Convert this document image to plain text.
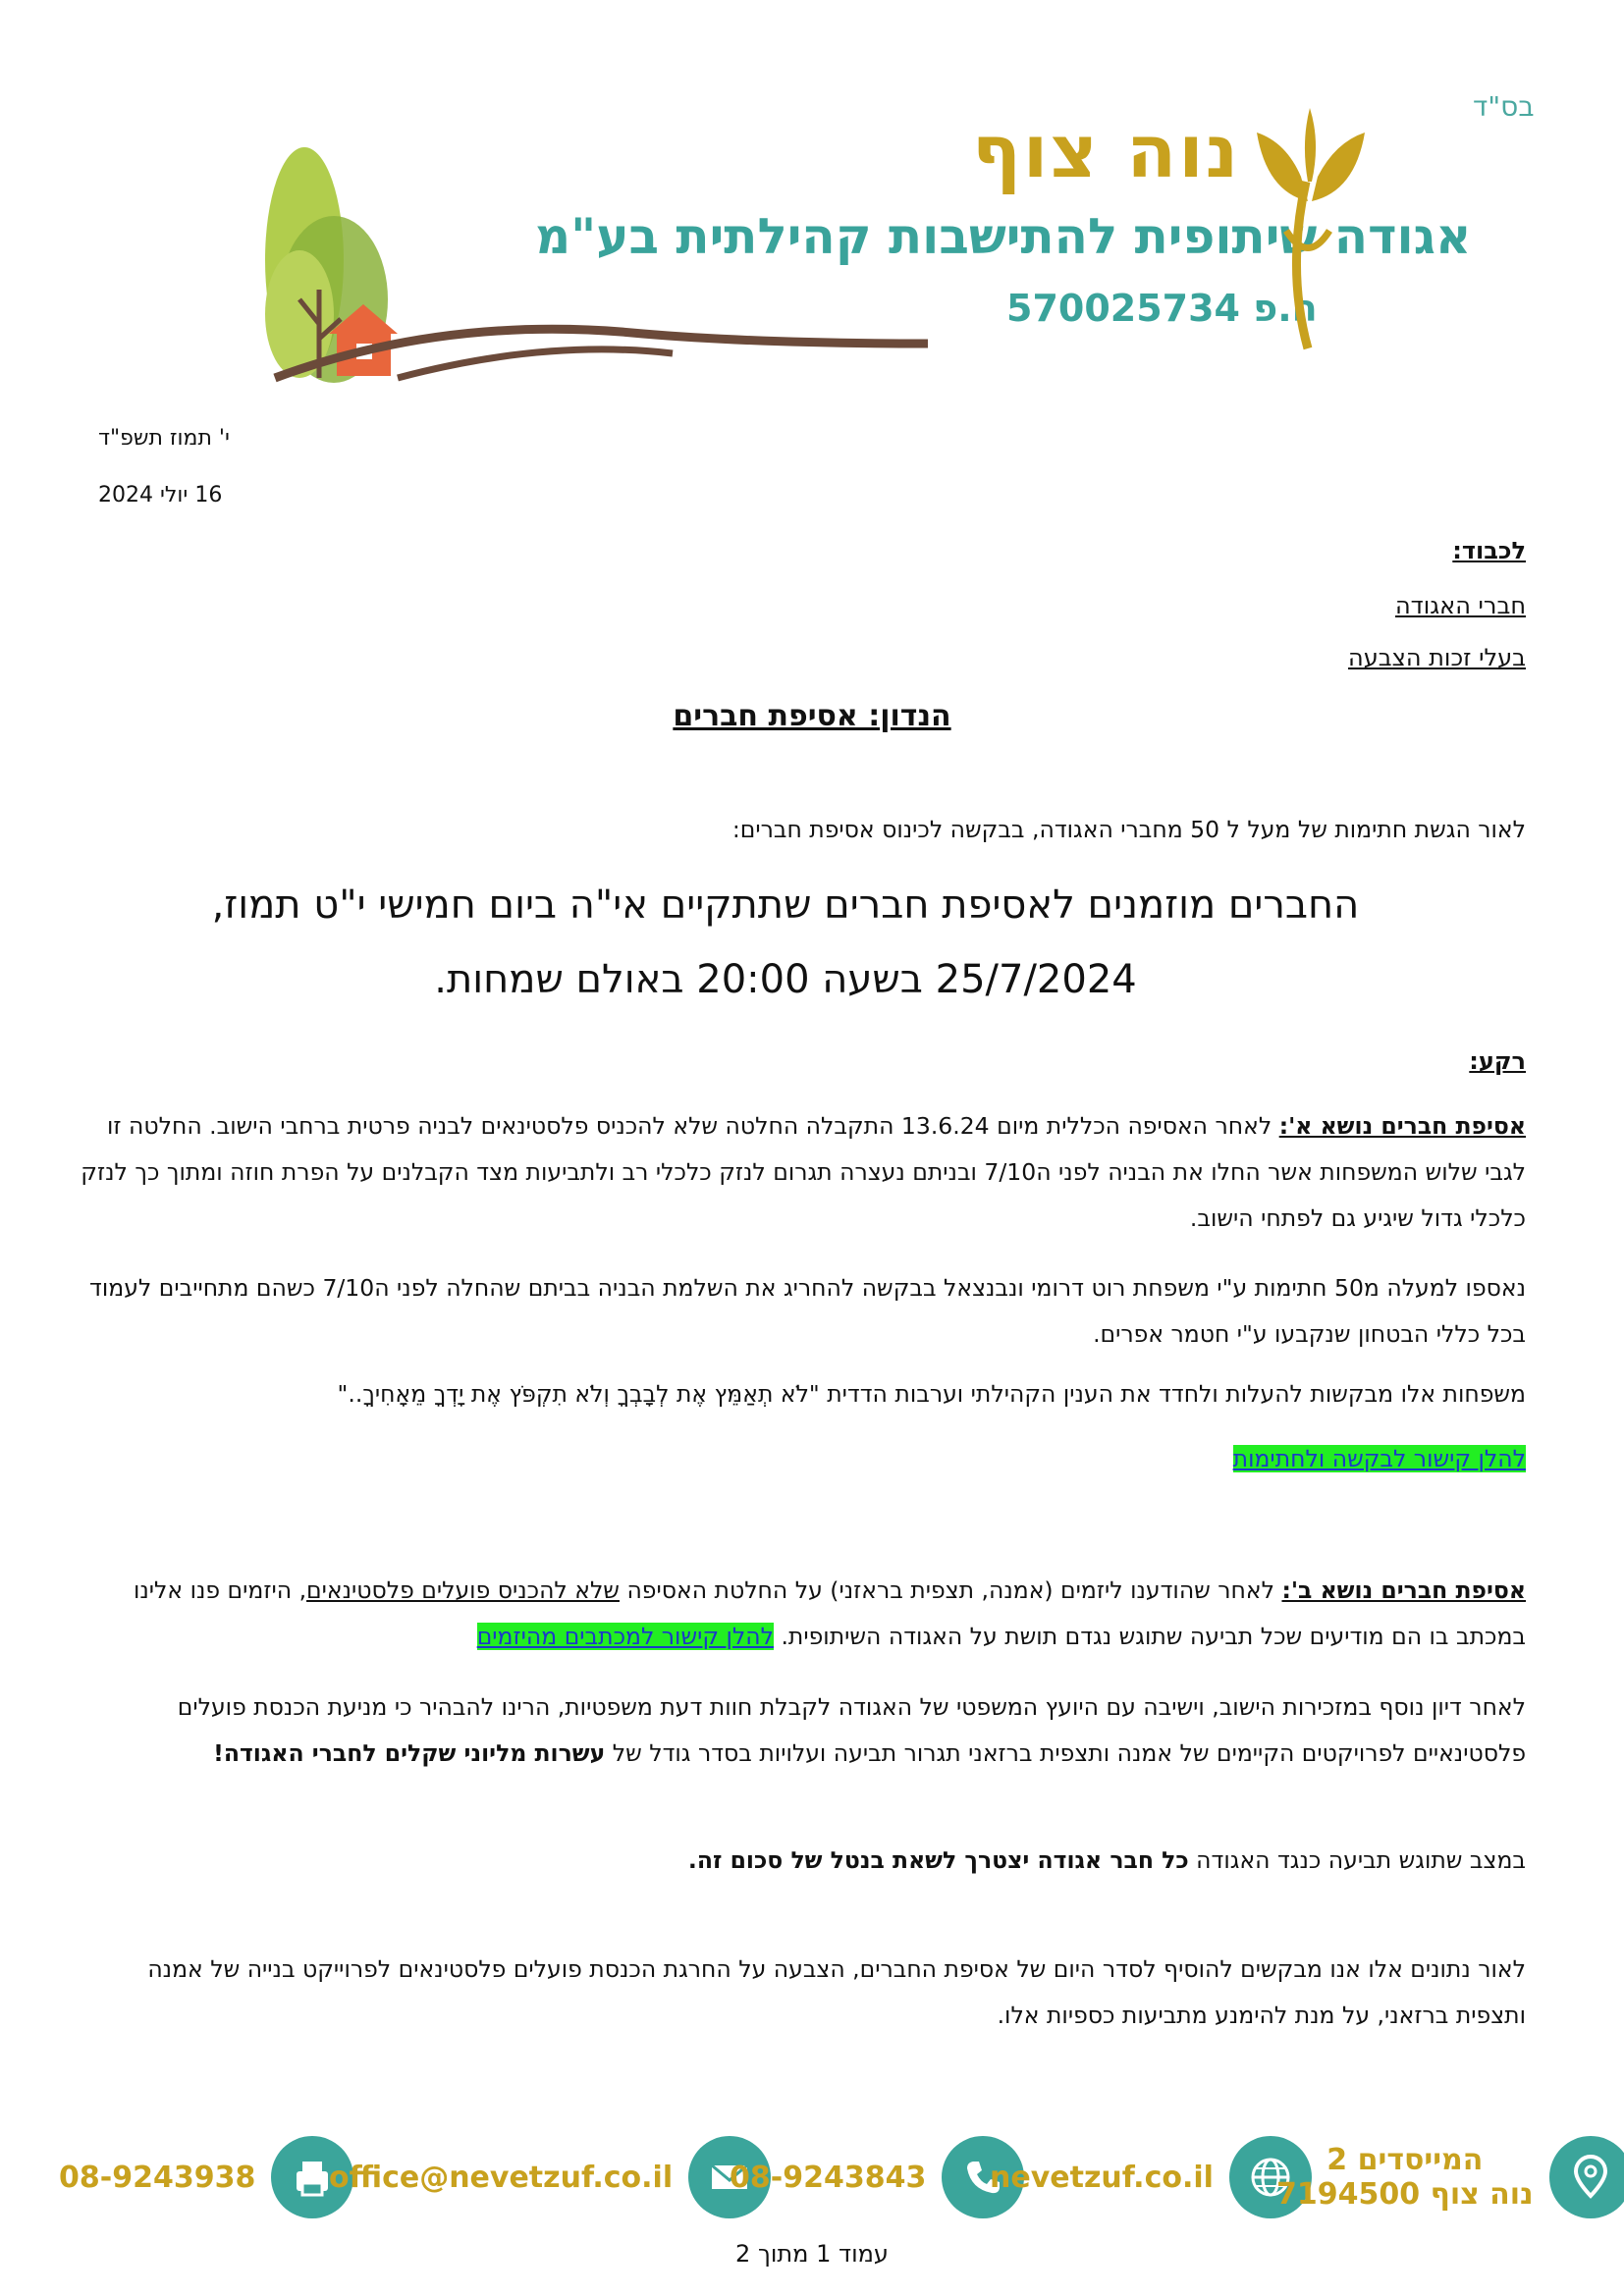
בס"ד
נוה צוף
אגודה שיתופית להתישבות קהילתית בע"מ
ח.פ 570025734
י' תמוז תשפ"ד
16 יולי 2024
לכבוד:
חברי האגודה
בעלי זכות הצבעה
הנדון: אסיפת חברים
לאור הגשת חתימות של מעל ל 50 מחברי האגודה, בבקשה לכינוס אסיפת חברים:
החברים מוזמנים לאסיפת חברים שתתקיים אי"ה ביום חמישי י"ט תמוז,
25/7/2024 בשעה 20:00 באולם שמחות.
רקע:
אסיפת חברים נושא א': לאחר האסיפה הכללית מיום 13.6.24 התקבלה החלטה שלא להכניס פלסטינאים לבניה פרטית ברחבי הישוב. החלטה זו לגבי שלוש המשפחות אשר החלו את הבניה לפני ה7/10 ובניתם נעצרה תגרום לנזק כלכלי רב ולתביעות מצד הקבלנים על הפרת חוזה ומתוך כך לנזק כלכלי גדול שיגיע גם לפתחי הישוב.
נאספו למעלה מ50 חתימות ע"י משפחת רוט דרומי ונבנצאל בבקשה להחריג את השלמת הבניה בביתם שהחלה לפני ה7/10 כשהם מתחייבים לעמוד בכל כללי הבטחון שנקבעו ע"י חטמר אפרים.
משפחות אלו מבקשות להעלות ולחדד את הענין הקהילתי וערבות הדדית "לֹא תְאַמֵּץ אֶת לְבָבְךָ וְלֹא תִקְפֹּץ אֶת יָדְךָ מֵאָחִיךָ.."
להלן קישור לבקשה ולחתימות
אסיפת חברים נושא ב': לאחר שהודענו ליזמים (אמנה, תצפית בראזני) על החלטת האסיפה שלא להכניס פועלים פלסטינאים, היזמים פנו אלינו במכתב בו הם מודיעים שכל תביעה שתוגש נגדם תושת על האגודה השיתופית. להלן קישור למכתבים מהיזמים
לאחר דיון נוסף במזכירות הישוב, וישיבה עם היועץ המשפטי של האגודה לקבלת חוות דעת משפטיות, הרינו להבהיר כי מניעת הכנסת פועלים פלסטינאיים לפרויקטים הקיימים של אמנה ותצפית ברזאני תגרור תביעה ועלויות בסדר גודל של עשרות מליוני שקלים לחברי האגודה!
במצב שתוגש תביעה כנגד האגודה כל חבר אגודה יצטרך לשאת בנטל של סכום זה.
לאור נתונים אלו אנו מבקשים להוסיף לסדר היום של אסיפת החברים, הצבעה על החרגת הכנסת פועלים פלסטינאים לפרוייקט בנייה של אמנה ותצפית ברזאני, על מנת להימנע מתביעות כספיות אלו.
08-9243938 office@nevetzuf.co.il 08-9243843 nevetzuf.co.il	המייסדים 2
נוה צוף 7194500
עמוד 1 מתוך 2
